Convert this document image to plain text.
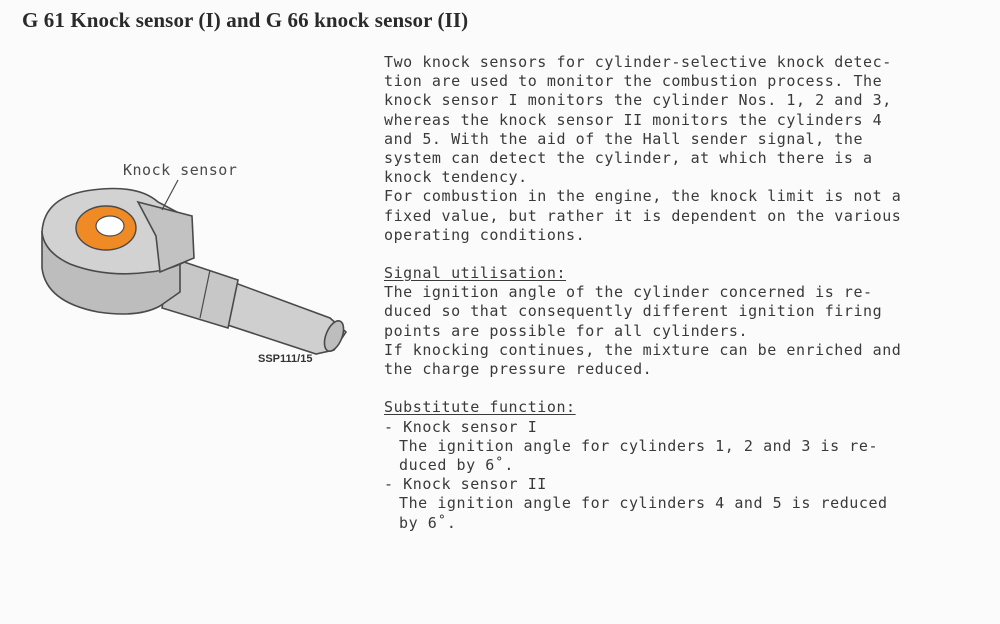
G 61 Knock sensor (I) and G 66 knock sensor (II)
Knock sensor
SSP111/15
Two knock sensors for cylinder-selective knock detec-
tion are used to monitor the combustion process. The
knock sensor I monitors the cylinder Nos. 1, 2 and 3,
whereas the knock sensor II monitors the cylinders 4
and 5. With the aid of the Hall sender signal, the
system can detect the cylinder, at which there is a
knock tendency.
For combustion in the engine, the knock limit is not a
fixed value, but rather it is dependent on the various
operating conditions.
Signal utilisation:
The ignition angle of the cylinder concerned is re-
duced so that consequently different ignition firing
points are possible for all cylinders.
If knocking continues, the mixture can be enriched and
the charge pressure reduced.
Substitute function:
- Knock sensor I
The ignition angle for cylinders 1, 2 and 3 is re-
duced by 6˚.
- Knock sensor II
The ignition angle for cylinders 4 and 5 is reduced
by 6˚.
